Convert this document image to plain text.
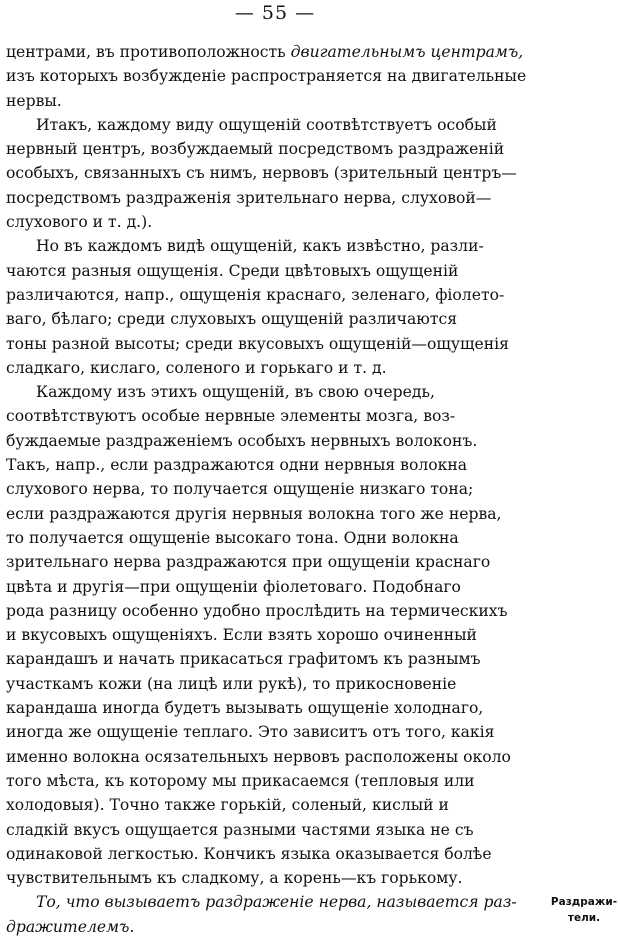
— 55 —

центрами, въ противоположность двигательнымъ центрамъ,
изъ которыхъ возбужденіе распространяется на двигательные
нервы.

Итакъ, каждому виду ощущеній соотвѣтствуетъ особый
нервный центръ, возбуждаемый посредствомъ раздраженій
особыхъ, связанныхъ съ нимъ, нервовъ (зрительный центръ—
посредствомъ раздраженія зрительнаго нерва, слуховой—
слухового и т. д.).

Но въ каждомъ видѣ ощущеній, какъ извѣстно, разли-
чаются разныя ощущенія. Среди цвѣтовыхъ ощущеній
различаются, напр., ощущенія краснаго, зеленаго, фіолето-
ваго, бѣлаго; среди слуховыхъ ощущеній различаются
тоны разной высоты; среди вкусовыхъ ощущеній—ощущенія
сладкаго, кислаго, соленого и горькаго и т. д.

Каждому изъ этихъ ощущеній, въ свою очередь,
соотвѣтствуютъ особые нервные элементы мозга, воз-
буждаемые раздраженіемъ особыхъ нервныхъ волоконъ.
Такъ, напр., если раздражаются одни нервныя волокна
слухового нерва, то получается ощущеніе низкаго тона;
если раздражаются другія нервныя волокна того же нерва,
то получается ощущеніе высокаго тона. Одни волокна
зрительнаго нерва раздражаются при ощущеніи краснаго
цвѣта и другія—при ощущеніи фіолетоваго. Подобнаго
рода разницу особенно удобно прослѣдить на термическихъ
и вкусовыхъ ощущеніяхъ. Если взять хорошо очиненный
карандашъ и начать прикасаться графитомъ къ разнымъ
участкамъ кожи (на лицѣ или рукѣ), то прикосновеніе
карандаша иногда будетъ вызывать ощущеніе холоднаго,
иногда же ощущеніе теплаго. Это зависитъ отъ того, какія
именно волокна осязательныхъ нервовъ расположены около
того мѣста, къ которому мы прикасаемся (тепловыя или
холодовыя). Точно также горькій, соленый, кислый и
сладкій вкусъ ощущается разными частями языка не съ
одинаковой легкостью. Кончикъ языка оказывается болѣе
чувствительнымъ къ сладкому, а корень—къ горькому.

То, что вызываетъ раздраженіе нерва, называется раз-
дражителемъ.

Раздражи-
тели.
